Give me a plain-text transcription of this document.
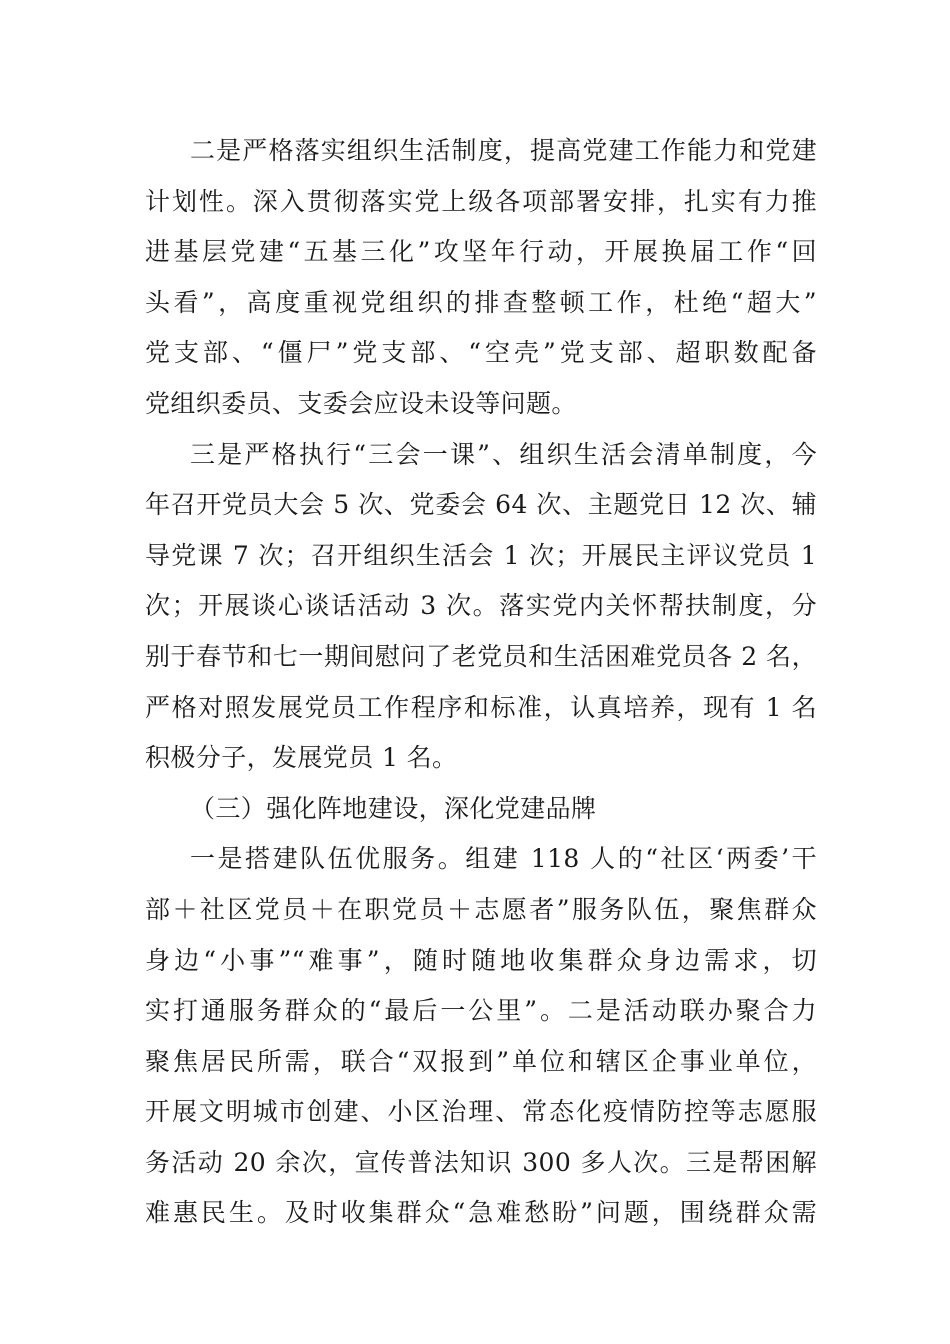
二是严格落实组织生活制度，提高党建工作能力和党建
计划性。深入贯彻落实党上级各项部署安排，扎实有力推
进基层党建“五基三化”攻坚年行动，开展换届工作“回
头看”，高度重视党组织的排查整顿工作，杜绝“超大”
党支部、“僵尸”党支部、“空壳”党支部、超职数配备
党组织委员、支委会应设未设等问题。
三是严格执行“三会一课”、组织生活会清单制度，今
年召开党员大会 5 次、党委会 64 次、主题党日 12 次、辅
导党课 7 次；召开组织生活会 1 次；开展民主评议党员 1
次；开展谈心谈话活动 3 次。落实党内关怀帮扶制度，分
别于春节和七一期间慰问了老党员和生活困难党员各 2 名，
严格对照发展党员工作程序和标准，认真培养，现有 1 名
积极分子，发展党员 1 名。
（三）强化阵地建设，深化党建品牌
一是搭建队伍优服务。组建 118 人的“社区‘两委’干
部＋社区党员＋在职党员＋志愿者”服务队伍，聚焦群众
身边“小事”“难事”，随时随地收集群众身边需求，切
实打通服务群众的“最后一公里”。二是活动联办聚合力
聚焦居民所需，联合“双报到”单位和辖区企事业单位，
开展文明城市创建、小区治理、常态化疫情防控等志愿服
务活动 20 余次，宣传普法知识 300 多人次。三是帮困解
难惠民生。及时收集群众“急难愁盼”问题，围绕群众需
